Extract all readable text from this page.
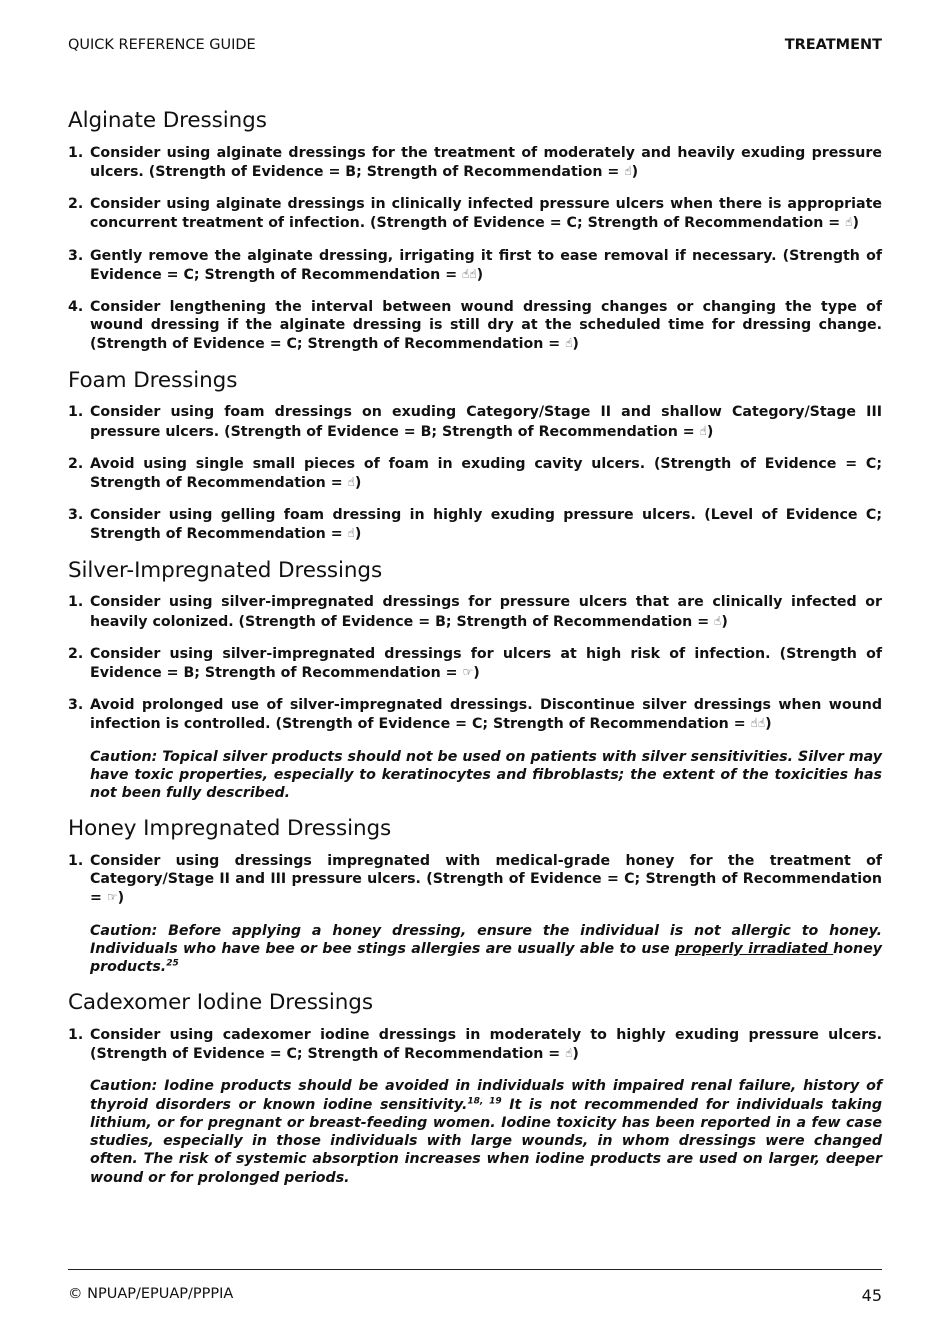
QUICK REFERENCE GUIDE	TREATMENT
Alginate Dressings
1. Consider using alginate dressings for the treatment of moderately and heavily exuding pressure ulcers. (Strength of Evidence = B; Strength of Recommendation = ☝︎)
2. Consider using alginate dressings in clinically infected pressure ulcers when there is appropriate concurrent treatment of infection. (Strength of Evidence = C; Strength of Recommendation = ☝︎)
3. Gently remove the alginate dressing, irrigating it first to ease removal if necessary. (Strength of Evidence = C; Strength of Recommendation = ☝︎☝︎)
4. Consider lengthening the interval between wound dressing changes or changing the type of wound dressing if the alginate dressing is still dry at the scheduled time for dressing change. (Strength of Evidence = C; Strength of Recommendation = ☝︎)
Foam Dressings
1. Consider using foam dressings on exuding Category/Stage II and shallow Category/Stage III pressure ulcers. (Strength of Evidence = B; Strength of Recommendation = ☝︎)
2. Avoid using single small pieces of foam in exuding cavity ulcers. (Strength of Evidence = C; Strength of Recommendation = ☝︎)
3. Consider using gelling foam dressing in highly exuding pressure ulcers. (Level of Evidence C; Strength of Recommendation = ☝︎)
Silver-Impregnated Dressings
1. Consider using silver-impregnated dressings for pressure ulcers that are clinically infected or heavily colonized. (Strength of Evidence = B; Strength of Recommendation = ☝︎)
2. Consider using silver-impregnated dressings for ulcers at high risk of infection. (Strength of Evidence = B; Strength of Recommendation = ☞)
3. Avoid prolonged use of silver-impregnated dressings. Discontinue silver dressings when wound infection is controlled. (Strength of Evidence = C; Strength of Recommendation = ☝︎☝︎)
Caution: Topical silver products should not be used on patients with silver sensitivities. Silver may have toxic properties, especially to keratinocytes and fibroblasts; the extent of the toxicities has not been fully described.
Honey Impregnated Dressings
1. Consider using dressings impregnated with medical-grade honey for the treatment of Category/Stage II and III pressure ulcers. (Strength of Evidence = C; Strength of Recommendation = ☞)
Caution: Before applying a honey dressing, ensure the individual is not allergic to honey. Individuals who have bee or bee stings allergies are usually able to use properly irradiated honey products.$^{25}$
Cadexomer Iodine Dressings
1. Consider using cadexomer iodine dressings in moderately to highly exuding pressure ulcers. (Strength of Evidence = C; Strength of Recommendation = ☝︎)
Caution: Iodine products should be avoided in individuals with impaired renal failure, history of thyroid disorders or known iodine sensitivity.$^{18, 19}$ It is not recommended for individuals taking lithium, or for pregnant or breast-feeding women. Iodine toxicity has been reported in a few case studies, especially in those individuals with large wounds, in whom dressings were changed often. The risk of systemic absorption increases when iodine products are used on larger, deeper wound or for prolonged periods.
© NPUAP/EPUAP/PPPIA	45
